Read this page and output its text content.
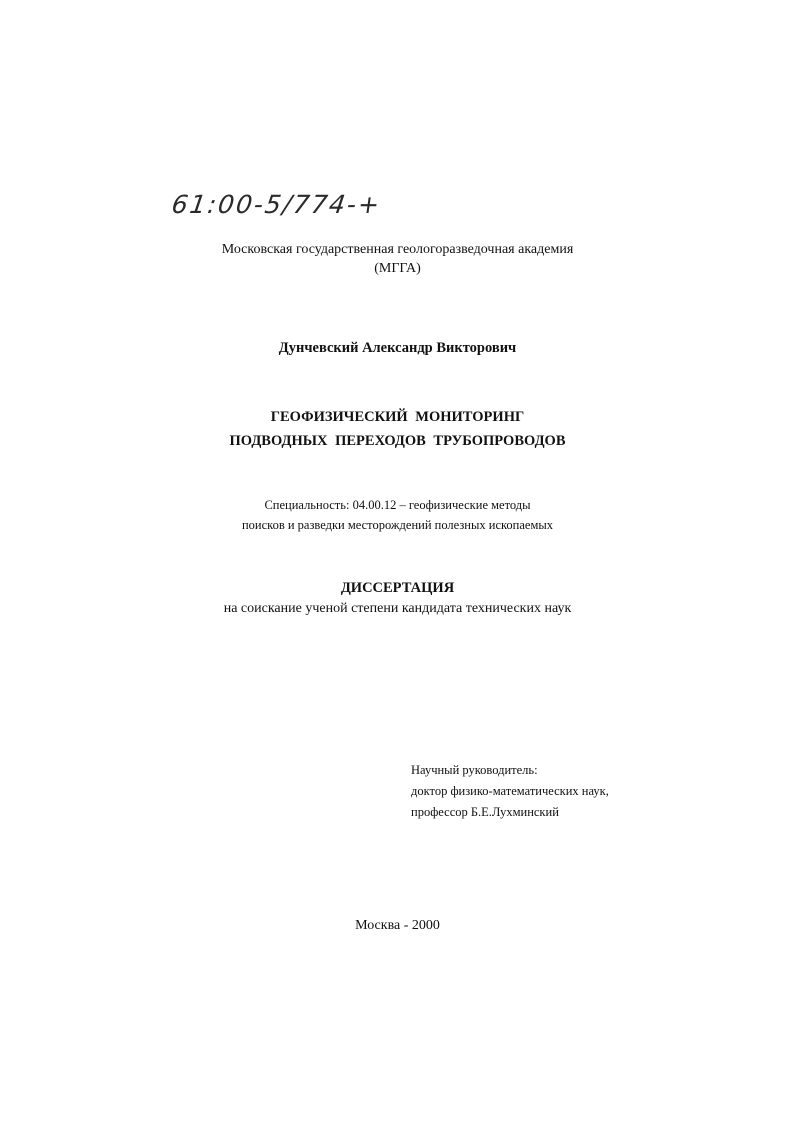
61:00-5/774-+
Московская государственная геологоразведочная академия
(МГГА)
Дунчевский Александр Викторович
ГЕОФИЗИЧЕСКИЙ МОНИТОРИНГ
ПОДВОДНЫХ ПЕРЕХОДОВ ТРУБОПРОВОДОВ
Специальность: 04.00.12 – геофизические методы
поисков и разведки месторождений полезных ископаемых
ДИССЕРТАЦИЯ
на соискание ученой степени кандидата технических наук
Научный руководитель:
доктор физико-математических наук,
профессор Б.Е.Лухминский
Москва - 2000
